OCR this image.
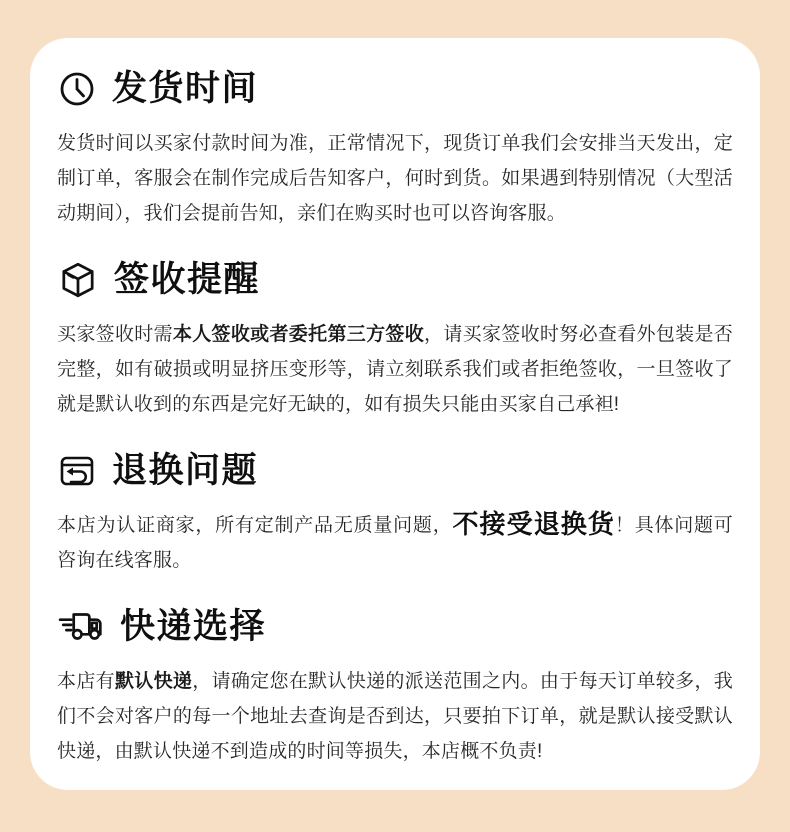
发货时间

发货时间以买家付款时间为准，正常情况下，现货订单我们会安排当天发出，定制订单，客服会在制作完成后告知客户，何时到货。如果遇到特别情况（大型活动期间），我们会提前告知，亲们在购买时也可以咨询客服。

签收提醒

买家签收时需本人签收或者委托第三方签收，请买家签收时努必查看外包装是否 完整，如有破损或明显挤压变形等，请立刻联系我们或者拒绝签收，一旦签收了就是默认收到的东西是完好无缺的，如有损失只能由买家自己承袒!

退换问题

本店为认证商家，所有定制产品无质量问题，不接受退换货！具体问题可咨询在线客服。

快递选择

本店有默认快递，请确定您在默认快递的派送范围之内。由于每天订单较多，我们不会对客户的每一个地址去查询是否到达，只要拍下订单，就是默认接受默认快递，由默认快递不到造成的时间等损失，本店概不负责!
